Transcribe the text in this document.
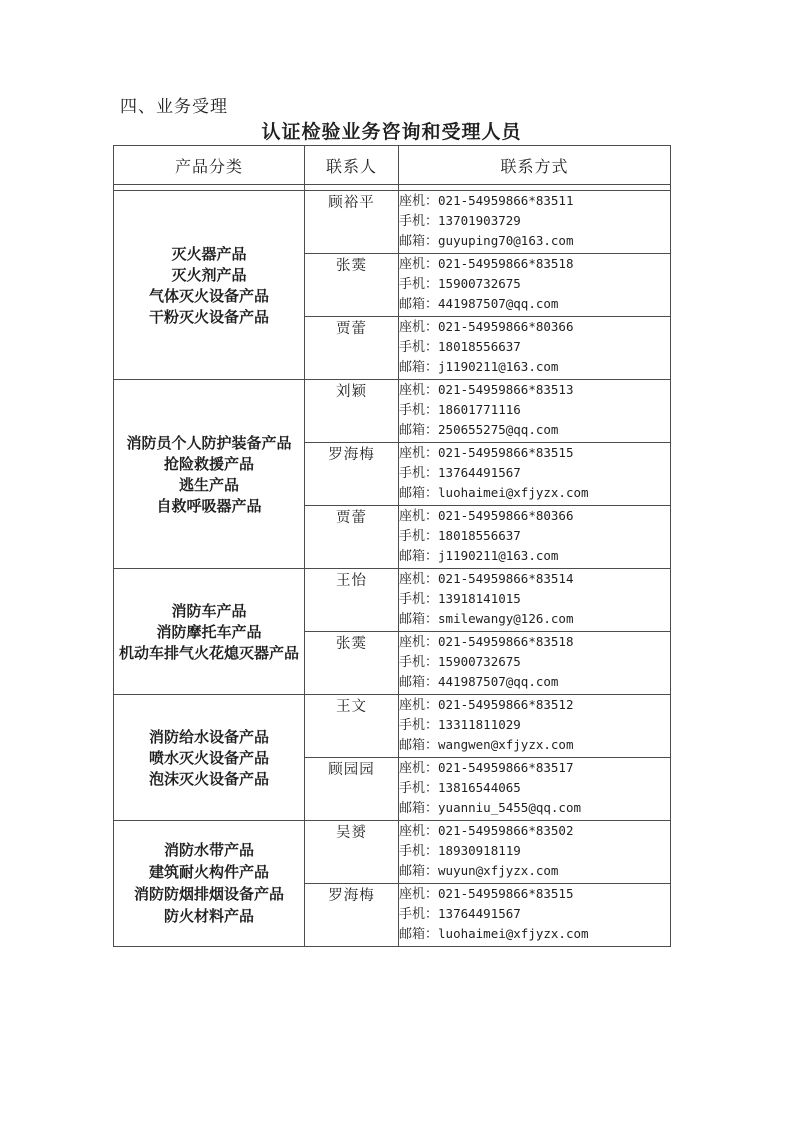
四、业务受理
认证检验业务咨询和受理人员
产品分类	联系人	联系方式

灭火器产品
灭火剂产品
气体灭火设备产品
干粉灭火设备产品
	顾裕平	座机：021-54959866*83511
手机：13701903729
邮箱：guyuping70@163.com

	张霙	座机：021-54959866*83518
手机：15900732675
邮箱：441987507@qq.com

	贾蕾	座机：021-54959866*80366
手机：18018556637
邮箱：j1190211@163.com

消防员个人防护装备产品
抢险救援产品
逃生产品
自救呼吸器产品
	刘颖	座机：021-54959866*83513
手机：18601771116
邮箱：250655275@qq.com

	罗海梅	座机：021-54959866*83515
手机：13764491567
邮箱：luohaimei@xfjyzx.com

	贾蕾	座机：021-54959866*80366
手机：18018556637
邮箱：j1190211@163.com

消防车产品
消防摩托车产品
机动车排气火花熄灭器产品
	王怡	座机：021-54959866*83514
手机：13918141015
邮箱：smilewangy@126.com

	张霙	座机：021-54959866*83518
手机：15900732675
邮箱：441987507@qq.com

消防给水设备产品
喷水灭火设备产品
泡沫灭火设备产品
	王文	座机：021-54959866*83512
手机：13311811029
邮箱：wangwen@xfjyzx.com

	顾园园	座机：021-54959866*83517
手机：13816544065
邮箱：yuanniu_5455@qq.com

消防水带产品
建筑耐火构件产品
消防防烟排烟设备产品
防火材料产品
	吴赟	座机：021-54959866*83502
手机：18930918119
邮箱：wuyun@xfjyzx.com

	罗海梅	座机：021-54959866*83515
手机：13764491567
邮箱：luohaimei@xfjyzx.com
